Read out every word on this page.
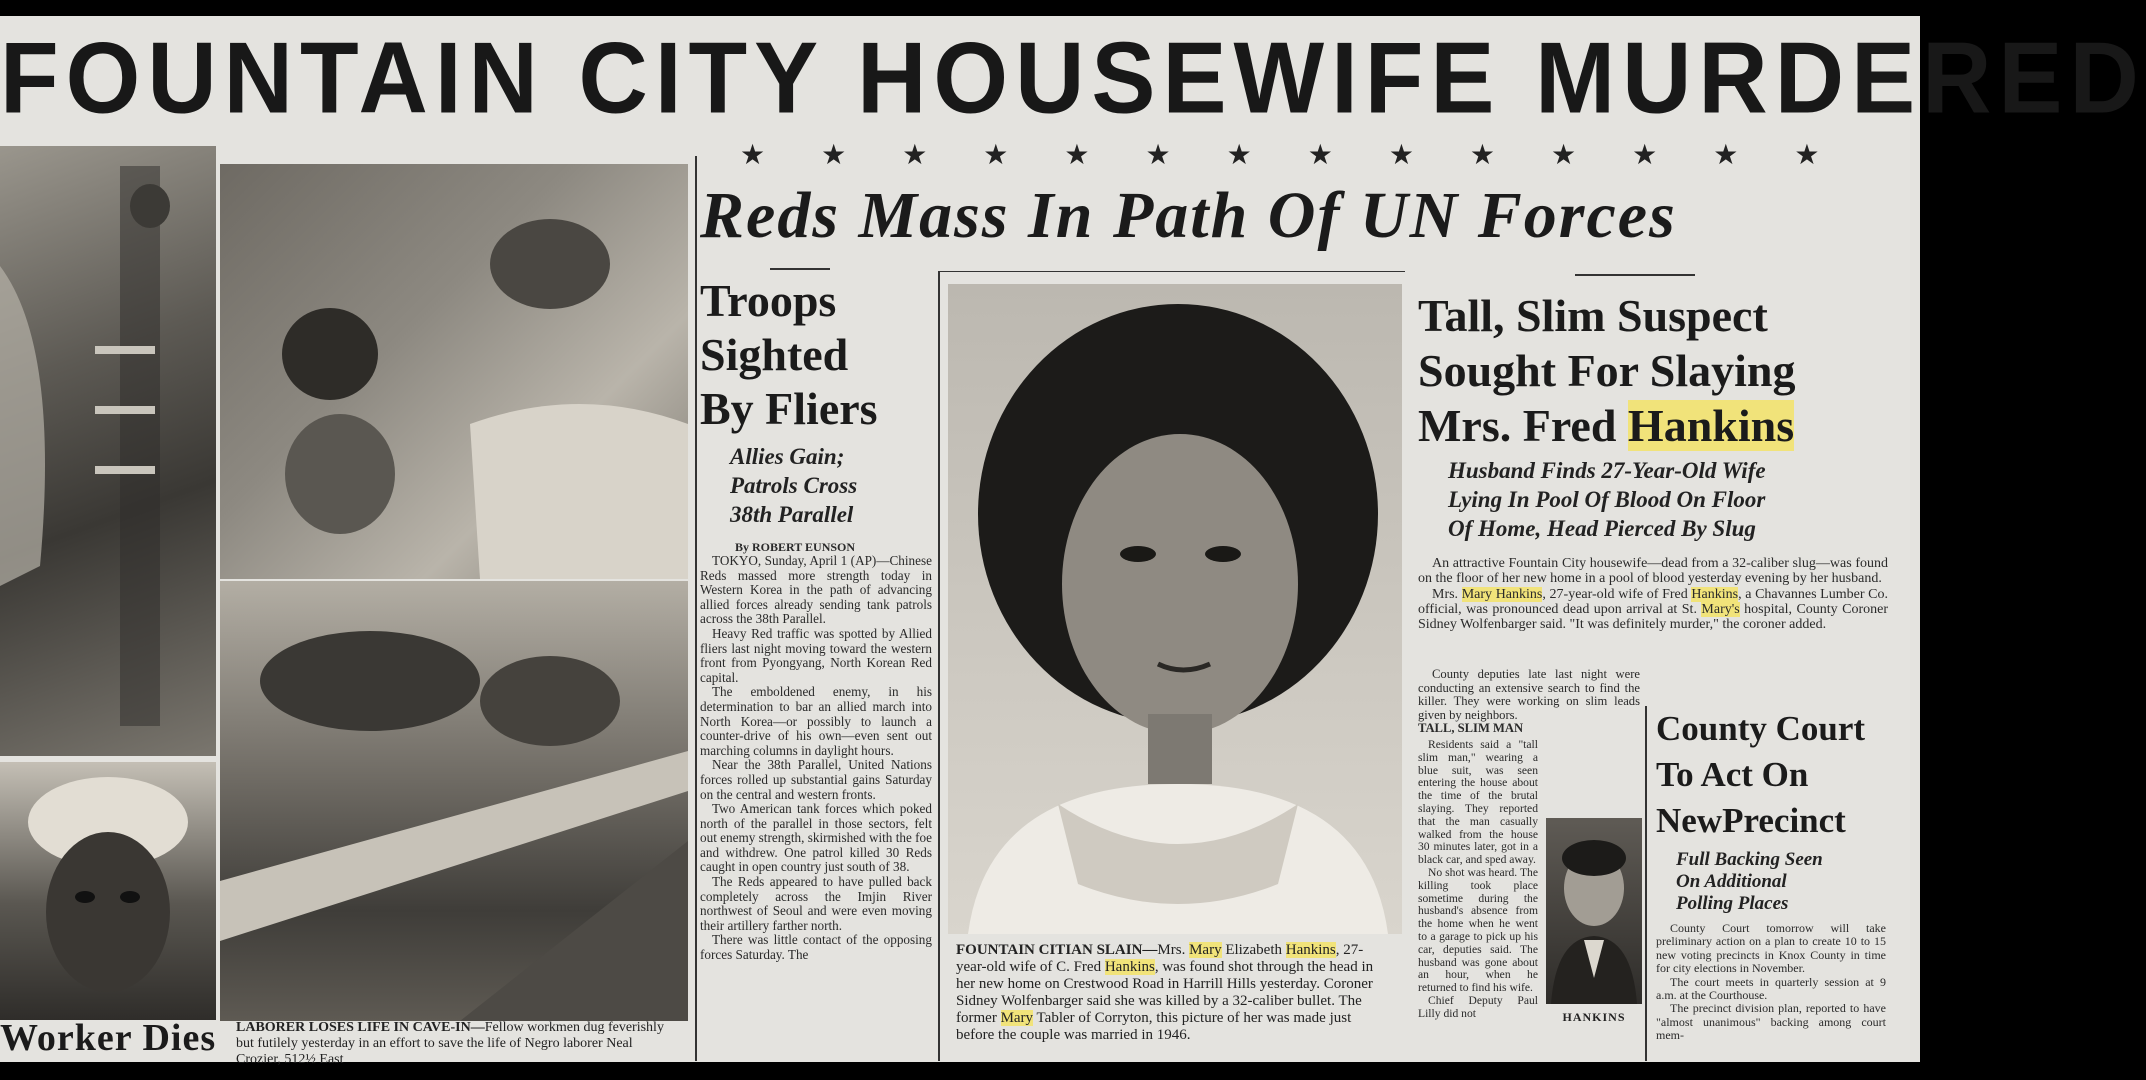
FOUNTAIN CITY HOUSEWIFE MURDERED
★★★★★★★★★★★★★★
Worker Dies LABORER LOSES LIFE IN CAVE-IN—Fellow workmen dug feverishly but futilely yesterday in an effort to save the life of Negro laborer Neal Crozier, 512½ East
Reds Mass In Path Of UN Forces
Troops
Sighted
By Fliers
Allies Gain;
Patrols Cross
38th Parallel
By ROBERT EUNSON
TOKYO, Sunday, April 1 (AP)—Chinese Reds massed more strength today in Western Korea in the path of advancing allied forces already sending tank patrols across the 38th Parallel.
Heavy Red traffic was spotted by Allied fliers last night moving toward the western front from Pyongyang, North Korean Red capital.
The emboldened enemy, in his determination to bar an allied march into North Korea—or possibly to launch a counter-drive of his own—even sent out marching columns in daylight hours.
Near the 38th Parallel, United Nations forces rolled up substantial gains Saturday on the central and western fronts.
Two American tank forces which poked north of the parallel in those sectors, felt out enemy strength, skirmished with the foe and withdrew. One patrol killed 30 Reds caught in open country just south of 38.
The Reds appeared to have pulled back completely across the Imjin River northwest of Seoul and were even moving their artillery farther north.
There was little contact of the opposing forces Saturday. The	FOUNTAIN CITIAN SLAIN—Mrs. Mary Elizabeth Hankins, 27-year-old wife of C. Fred Hankins, was found shot through the head in her new home on Crestwood Road in Harrill Hills yesterday. Coroner Sidney Wolfenbarger said she was killed by a 32-caliber bullet. The former Mary Tabler of Corryton, this picture of her was made just before the couple was married in 1946.
Tall, Slim Suspect
Sought For Slaying
Mrs. Fred Hankins
Husband Finds 27-Year-Old Wife
Lying In Pool Of Blood On Floor
Of Home, Head Pierced By Slug
An attractive Fountain City housewife—dead from a 32-caliber slug—was found on the floor of her new home in a pool of blood yesterday evening by her husband.
Mrs. Mary Hankins, 27-year-old wife of Fred Hankins, a Chavannes Lumber Co. official, was pronounced dead upon arrival at St. Mary's hospital, County Coroner Sidney Wolfenbarger said. "It was definitely murder," the coroner added.
County deputies late last night were conducting an extensive search to find the killer. They were working on slim leads given by neighbors.
TALL, SLIM MAN
Residents said a "tall slim man," wearing a blue suit, was seen entering the house about the time of the brutal slaying. They reported that the man casually walked from the house 30 minutes later, got in a black car, and sped away.
No shot was heard. The killing took place sometime during the husband's absence from the home when he went to a garage to pick up his car, deputies said. The husband was gone about an hour, when he returned to find his wife.
Chief Deputy Paul Lilly did not	HANKINS
County Court
To Act On
NewPrecinct
Full Backing Seen
On Additional
Polling Places
County Court tomorrow will take preliminary action on a plan to create 10 to 15 new voting precincts in Knox County in time for city elections in November.
The court meets in quarterly session at 9 a.m. at the Courthouse.
The precinct division plan, reported to have "almost unanimous" backing among court mem-
